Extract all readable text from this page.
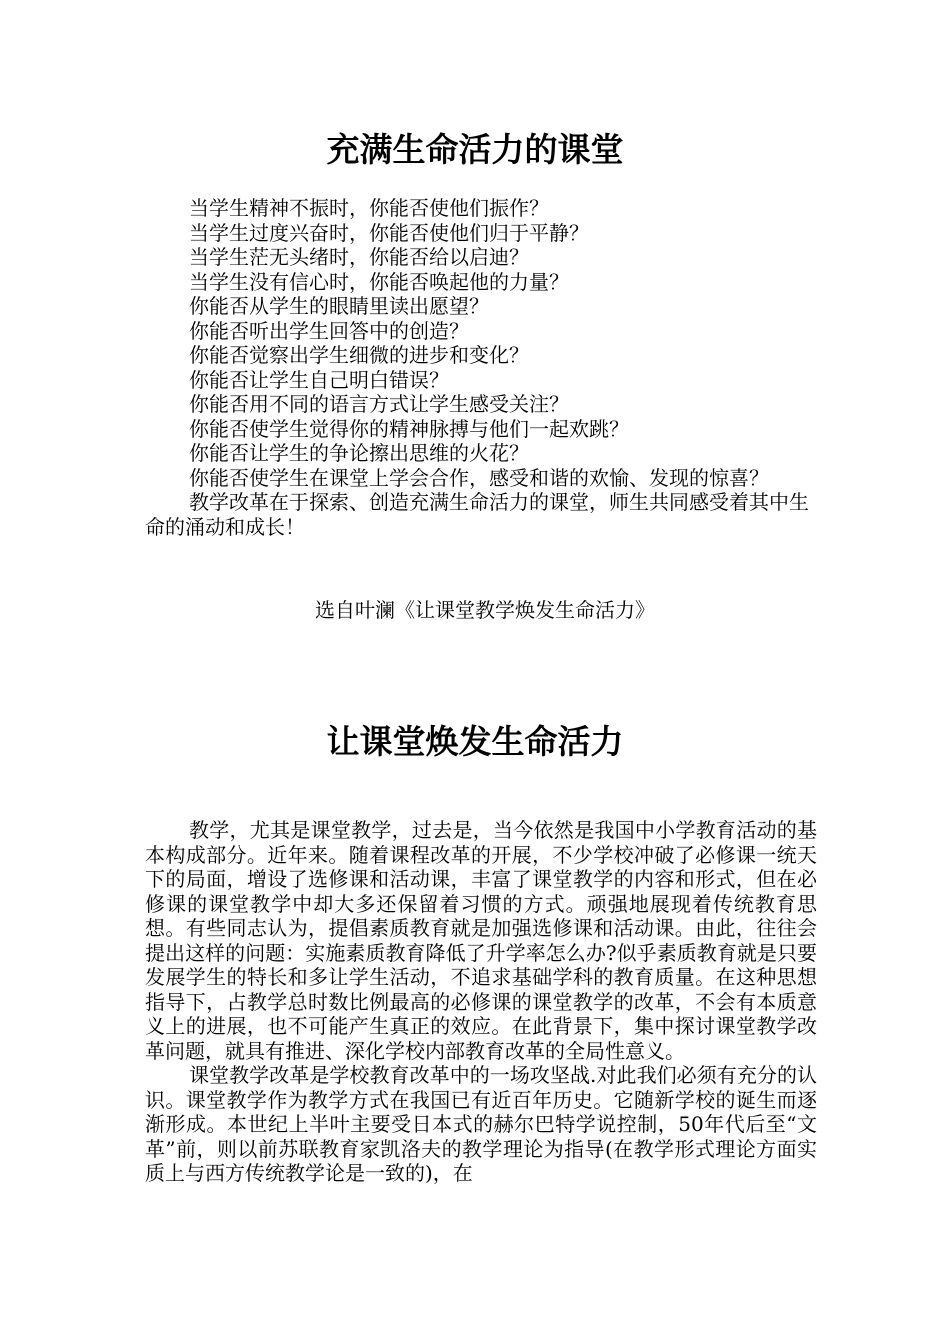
充满生命活力的课堂
当学生精神不振时，你能否使他们振作？
当学生过度兴奋时，你能否使他们归于平静？
当学生茫无头绪时，你能否给以启迪？
当学生没有信心时，你能否唤起他的力量？
你能否从学生的眼睛里读出愿望？
你能否听出学生回答中的创造？
你能否觉察出学生细微的进步和变化？
你能否让学生自己明白错误？
你能否用不同的语言方式让学生感受关注？
你能否使学生觉得你的精神脉搏与他们一起欢跳？
你能否让学生的争论擦出思维的火花？
你能否使学生在课堂上学会合作，感受和谐的欢愉、发现的惊喜？
教学改革在于探索、创造充满生命活力的课堂，师生共同感受着其中生命的涌动和成长！
选自叶澜《让课堂教学焕发生命活力》
让课堂焕发生命活力

教学，尤其是课堂教学，过去是，当今依然是我国中小学教育活动的基本构成部分。近年来。随着课程改革的开展，不少学校冲破了必修课一统天下的局面，增设了选修课和活动课，丰富了课堂教学的内容和形式，但在必修课的课堂教学中却大多还保留着习惯的方式。顽强地展现着传统教育思想。有些同志认为，提倡素质教育就是加强选修课和活动课。由此，往往会提出这样的问题：实施素质教育降低了升学率怎么办?似乎素质教育就是只要发展学生的特长和多让学生活动，不追求基础学科的教育质量。在这种思想指导下，占教学总时数比例最高的必修课的课堂教学的改革，不会有本质意义上的进展，也不可能产生真正的效应。在此背景下，集中探讨课堂教学改革问题，就具有推进、深化学校内部教育改革的全局性意义。

课堂教学改革是学校教育改革中的一场攻坚战.对此我们必须有充分的认识。课堂教学作为教学方式在我国已有近百年历史。它随新学校的诞生而逐渐形成。本世纪上半叶主要受日本式的赫尔巴特学说控制，50年代后至“文革”前，则以前苏联教育家凯洛夫的教学理论为指导(在教学形式理论方面实质上与西方传统教学论是一致的)，在
